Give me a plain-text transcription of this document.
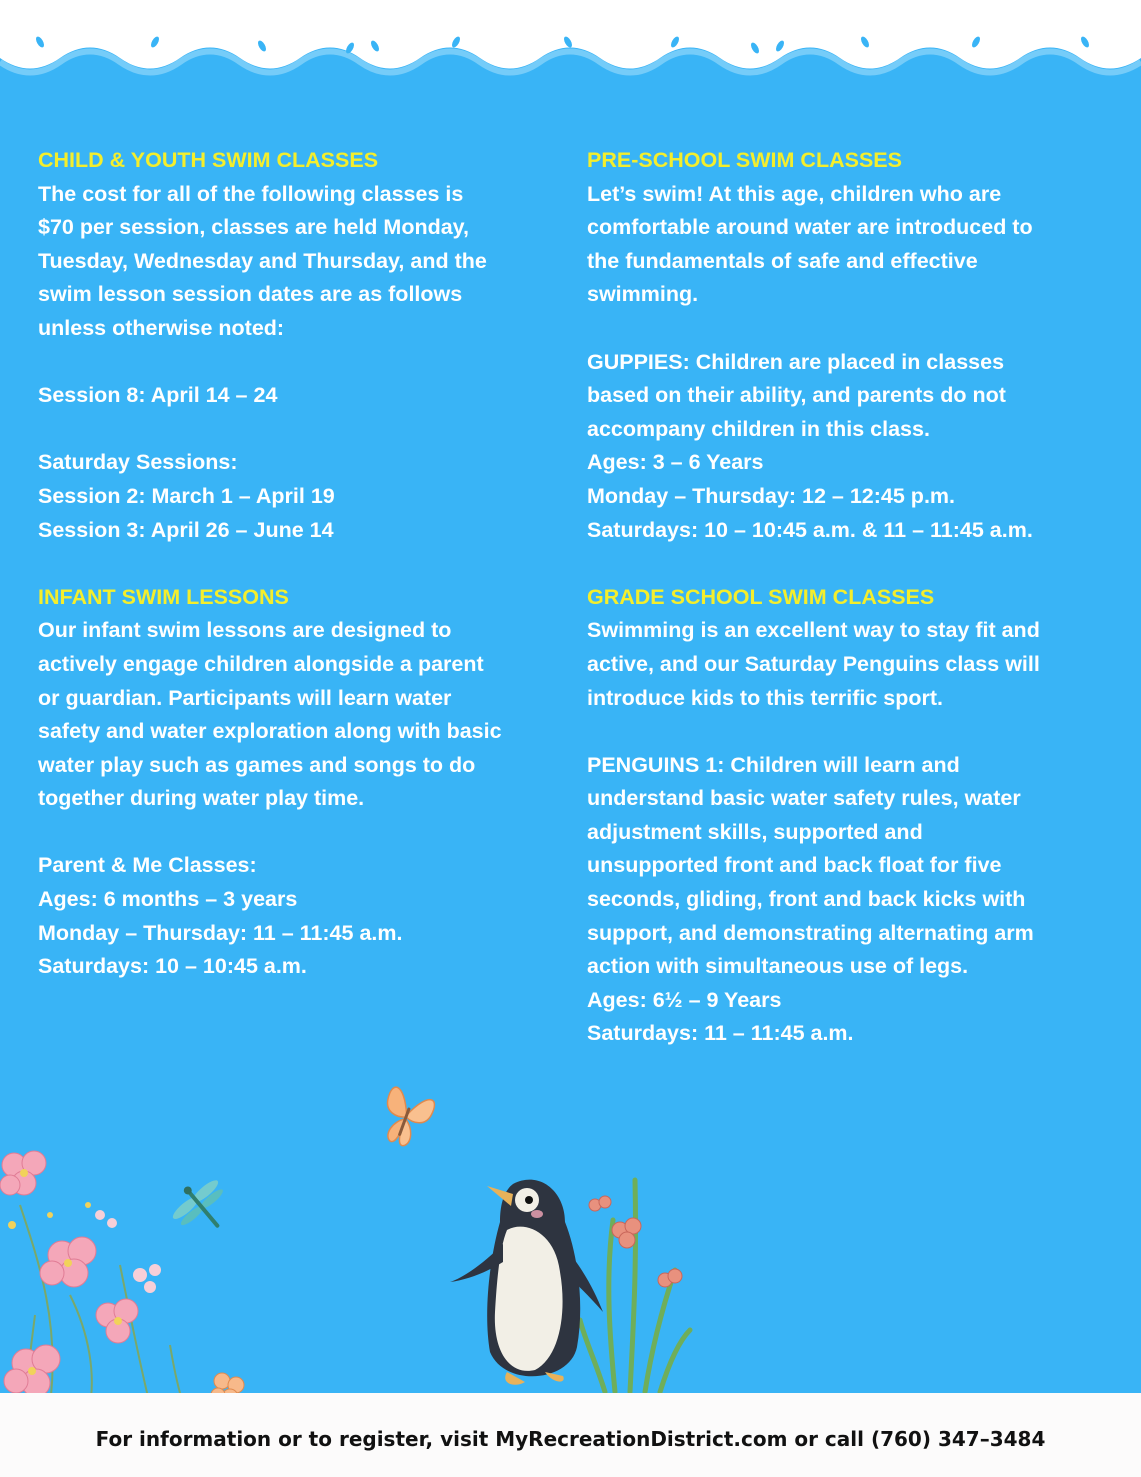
CHILD & YOUTH SWIM CLASSES

The cost for all of the following classes is

$70 per session, classes are held Monday,

Tuesday, Wednesday and Thursday, and the

swim lesson session dates are as follows

unless otherwise noted:

Session 8: April 14 – 24

Saturday Sessions:

Session 2: March 1 – April 19

Session 3: April 26 – June 14

INFANT SWIM LESSONS

Our infant swim lessons are designed to

actively engage children alongside a parent

or guardian. Participants will learn water

safety and water exploration along with basic

water play such as games and songs to do

together during water play time.

Parent & Me Classes:

Ages: 6 months – 3 years

Monday – Thursday: 11 – 11:45 a.m.

Saturdays: 10 – 10:45 a.m.

PRE-SCHOOL SWIM CLASSES

Let’s swim! At this age, children who are

comfortable around water are introduced to

the fundamentals of safe and effective

swimming.

GUPPIES: Children are placed in classes

based on their ability, and parents do not

accompany children in this class.

Ages: 3 – 6 Years

Monday – Thursday: 12 – 12:45 p.m.

Saturdays: 10 – 10:45 a.m. & 11 – 11:45 a.m.

GRADE SCHOOL SWIM CLASSES

Swimming is an excellent way to stay fit and

active, and our Saturday Penguins class will

introduce kids to this terrific sport.

PENGUINS 1: Children will learn and

understand basic water safety rules, water

adjustment skills, supported and

unsupported front and back float for five

seconds, gliding, front and back kicks with

support, and demonstrating alternating arm

action with simultaneous use of legs.

Ages: 6½ – 9 Years

Saturdays: 11 – 11:45 a.m.

For information or to register, visit MyRecreationDistrict.com or call (760) 347–3484
